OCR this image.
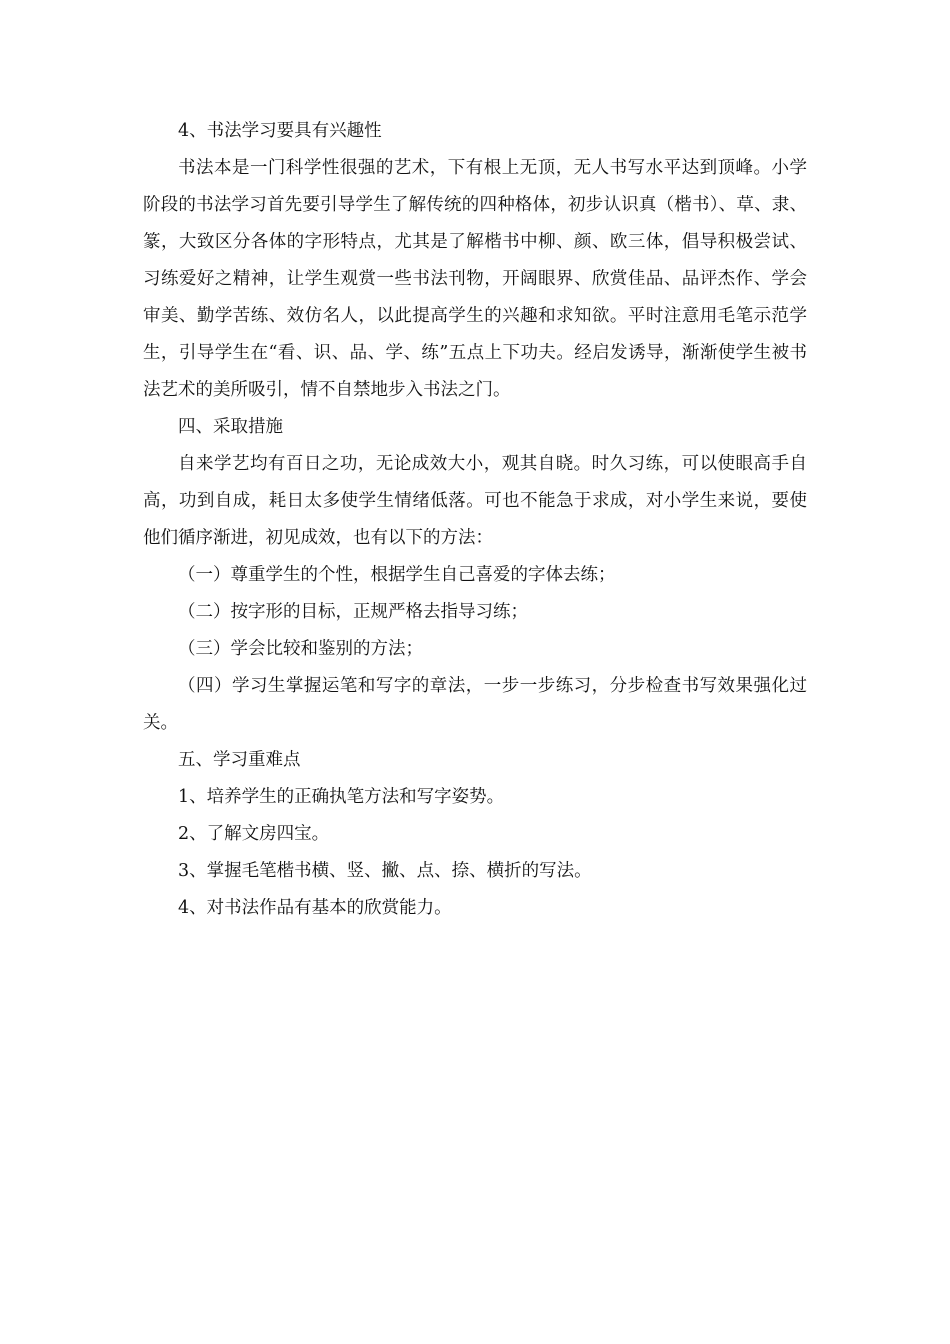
4、书法学习要具有兴趣性

书法本是一门科学性很强的艺术，下有根上无顶，无人书写水平达到顶峰。小学阶段的书法学习首先要引导学生了解传统的四种格体，初步认识真（楷书）、草、隶、篆，大致区分各体的字形特点，尤其是了解楷书中柳、颜、欧三体，倡导积极尝试、习练爱好之精神，让学生观赏一些书法刊物，开阔眼界、欣赏佳品、品评杰作、学会审美、勤学苦练、效仿名人，以此提高学生的兴趣和求知欲。平时注意用毛笔示范学生，引导学生在“看、识、品、学、练”五点上下功夫。经启发诱导，渐渐使学生被书法艺术的美所吸引，情不自禁地步入书法之门。

四、采取措施

自来学艺均有百日之功，无论成效大小，观其自晓。时久习练，可以使眼高手自高，功到自成，耗日太多使学生情绪低落。可也不能急于求成，对小学生来说，要使他们循序渐进，初见成效，也有以下的方法：

（一）尊重学生的个性，根据学生自己喜爱的字体去练；

（二）按字形的目标，正规严格去指导习练；

（三）学会比较和鉴别的方法；

（四）学习生掌握运笔和写字的章法，一步一步练习，分步检查书写效果强化过关。

五、学习重难点

1、培养学生的正确执笔方法和写字姿势。

2、了解文房四宝。

3、掌握毛笔楷书横、竖、撇、点、捺、横折的写法。

4、对书法作品有基本的欣赏能力。
